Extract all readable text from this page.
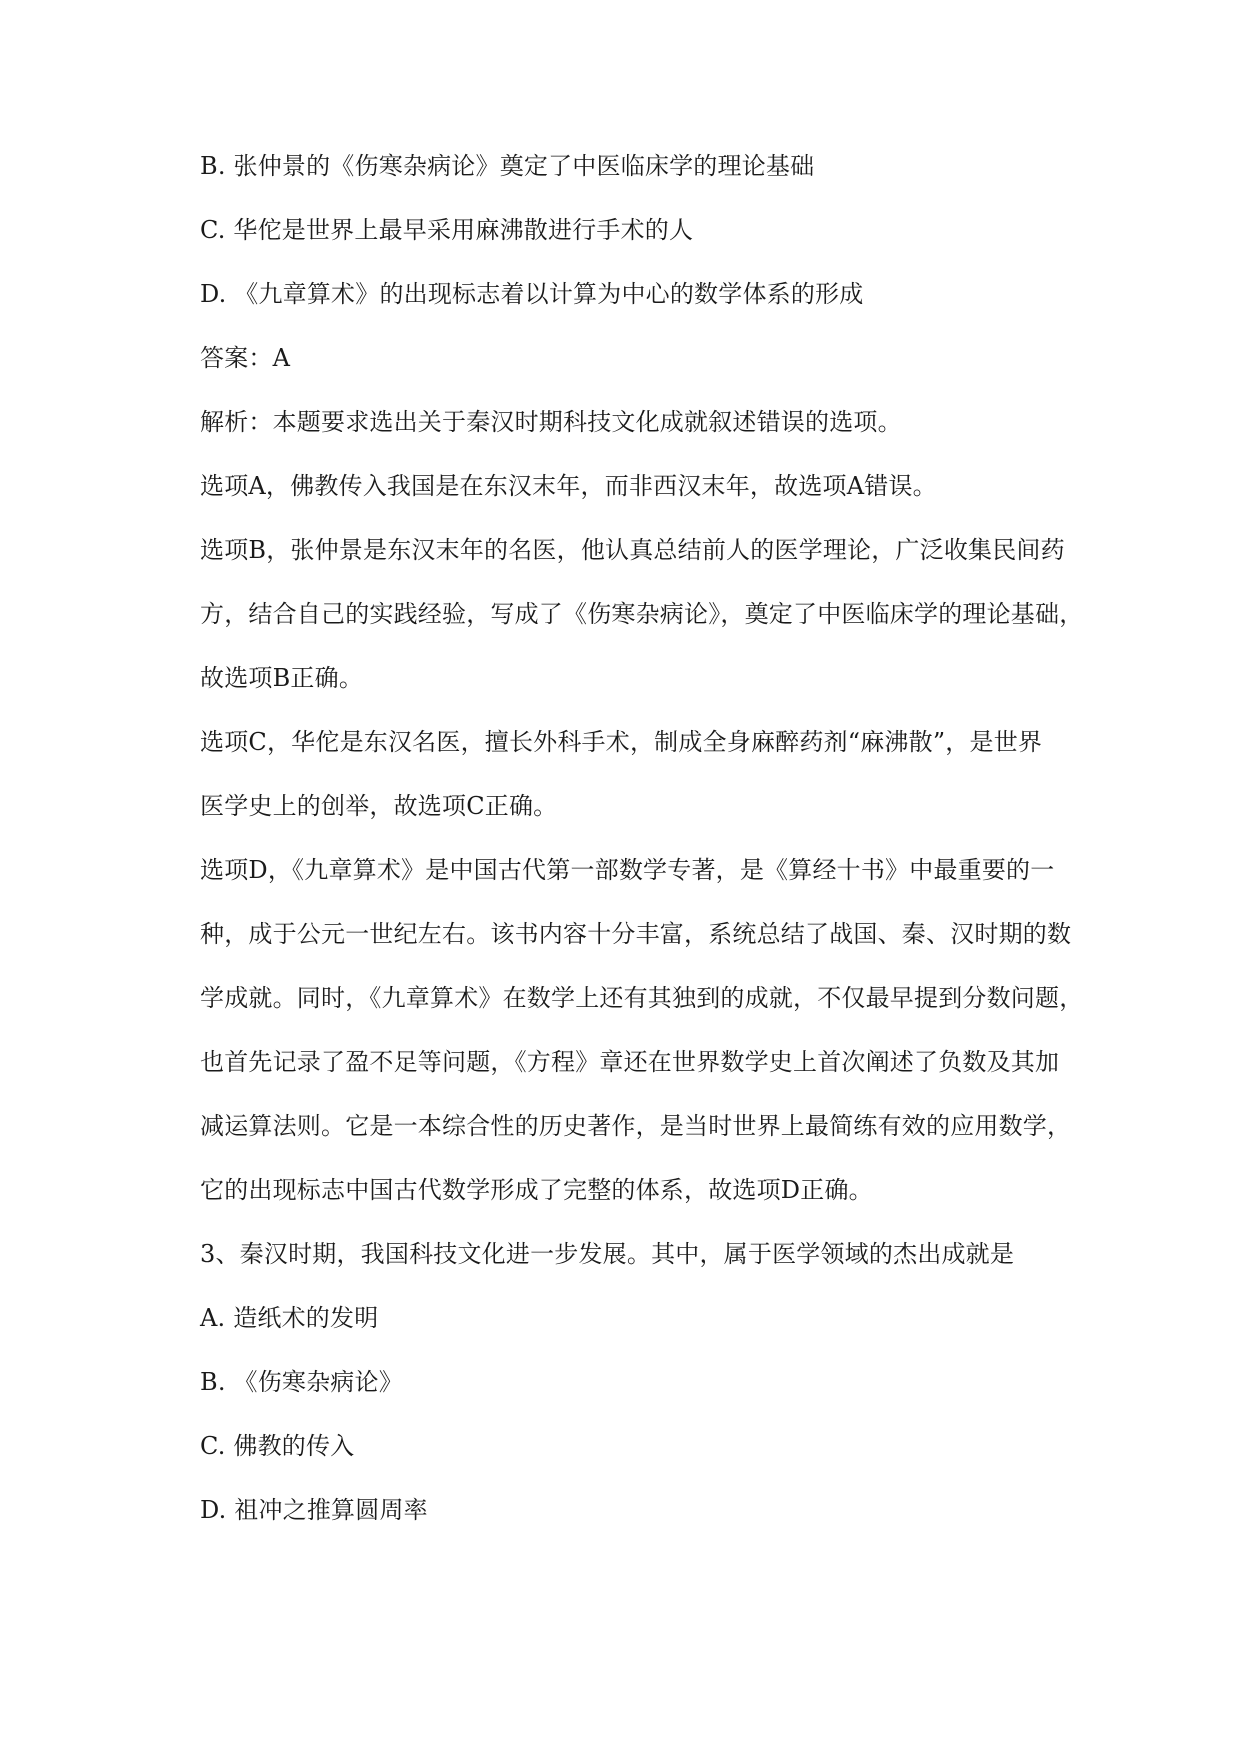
B. 张仲景的《伤寒杂病论》奠定了中医临床学的理论基础
C. 华佗是世界上最早采用麻沸散进行手术的人
D. 《九章算术》的出现标志着以计算为中心的数学体系的形成
答案：A
解析：本题要求选出关于秦汉时期科技文化成就叙述错误的选项。
选项A，佛教传入我国是在东汉末年，而非西汉末年，故选项A错误。
选项B，张仲景是东汉末年的名医，他认真总结前人的医学理论，广泛收集民间药
方，结合自己的实践经验，写成了《伤寒杂病论》，奠定了中医临床学的理论基础，
故选项B正确。
选项C，华佗是东汉名医，擅长外科手术，制成全身麻醉药剂“麻沸散”，是世界
医学史上的创举，故选项C正确。
选项D，《九章算术》是中国古代第一部数学专著，是《算经十书》中最重要的一
种，成于公元一世纪左右。该书内容十分丰富，系统总结了战国、秦、汉时期的数
学成就。同时，《九章算术》在数学上还有其独到的成就，不仅最早提到分数问题，
也首先记录了盈不足等问题，《方程》章还在世界数学史上首次阐述了负数及其加
减运算法则。它是一本综合性的历史著作，是当时世界上最简练有效的应用数学，
它的出现标志中国古代数学形成了完整的体系，故选项D正确。
3、秦汉时期，我国科技文化进一步发展。其中，属于医学领域的杰出成就是
A. 造纸术的发明
B. 《伤寒杂病论》
C. 佛教的传入
D. 祖冲之推算圆周率
